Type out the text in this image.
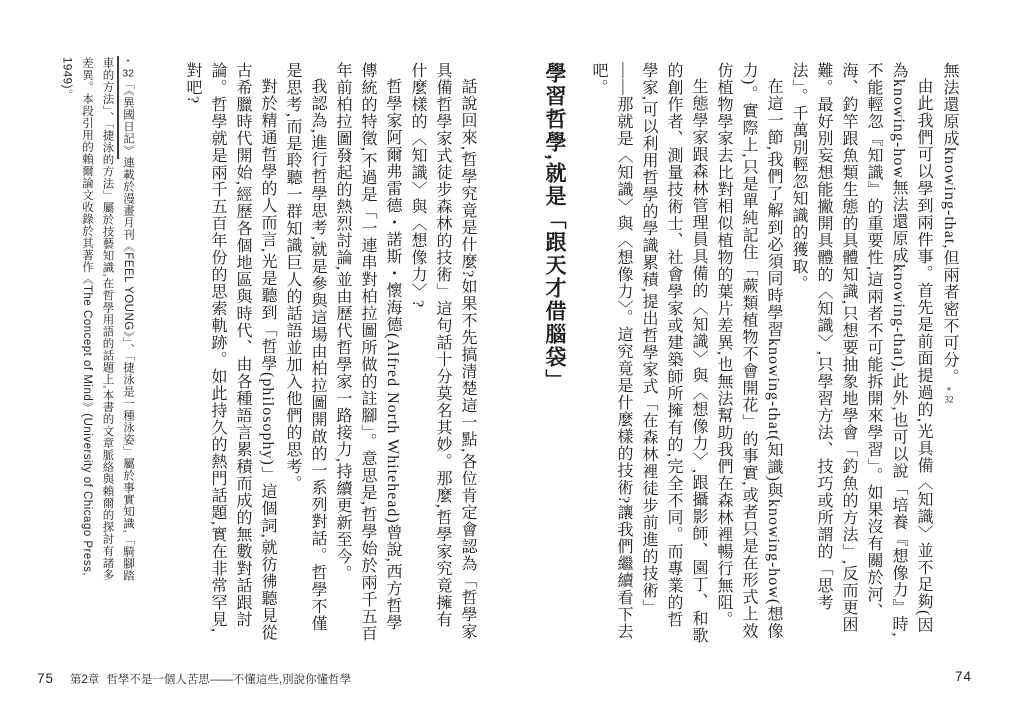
無法還原成knowing-that,但兩者密不可分。*32

由此我們可以學到兩件事。首先是前面提過的,光具備〈知識〉並不足夠(因為knowing-how無法還原成knowing-that),此外,也可以說「培養『想像力』時,不能輕忽『知識』的重要性,這兩者不可能拆開來學習」。如果沒有關於河、海、釣竿跟魚類生態的具體知識,只想要抽象地學會「釣魚的方法」,反而更困難。最好別妄想能撇開具體的〈知識〉,只學習方法、技巧或所謂的「思考法」。千萬別輕忽知識的獲取。

在這一節,我們了解到必須同時學習knowing-that(知識)與knowing-how(想像力)。實際上,只是單純記住「蕨類植物不會開花」的事實,或者只是在形式上效仿植物學家去比對相似植物的葉片差異,也無法幫助我們在森林裡暢行無阻。

生態學家跟森林管理員具備的〈知識〉與〈想像力〉,跟攝影師、園丁、和歌的創作者、測量技術士、社會學家或建築師所擁有的,完全不同。而專業的哲學家,可以利用哲學的學識累積,提出哲學家式「在森林裡徒步前進的技術」——那就是〈知識〉與〈想像力〉。這究竟是什麼樣的技術?讓我們繼續看下去吧。

學習哲學,就是「跟天才借腦袋」

話說回來,哲學究竟是什麼?如果不先搞清楚這一點,各位肯定會認為「哲學家具備哲學家式徒步森林的技術」這句話十分莫名其妙。那麼,哲學家究竟擁有什麼樣的〈知識〉與〈想像力〉?

哲學家阿爾弗雷德・諾斯・懷海德(Alfred North Whitehead)曾說,西方哲學傳統的特徵,不過是「一連串對柏拉圖所做的註腳」。意思是,哲學始於兩千五百年前柏拉圖發起的熱烈討論,並由歷代哲學家一路接力,持續更新至今。

我認為,進行哲學思考,就是參與這場由柏拉圖開啟的一系列對話。哲學不僅是思考,而是聆聽一群知識巨人的話語並加入他們的思考。

對於精通哲學的人而言,光是聽到「哲學(philosophy)」這個詞,就彷彿聽見從古希臘時代開始,經歷各個地區與時代、由各種語言累積而成的無數對話跟討論。哲學就是兩千五百年份的思索軌跡。如此持久的熱門話題,實在非常罕見,對吧?

*32「《異國日記》連載於漫畫月刊《FEEL YOUNG》」、「捷泳是一種泳姿」屬於事實知識,「騎腳踏車的方法」、「捷泳的方法」屬於技藝知識,在哲學用語的話題上,本書的文章脈絡與賴爾的探討有諸多差異。本段引用的賴爾論文收錄於其著作《The Concept of Mind》(University of Chicago Press, 1949)。
75 第2章 哲學不是一個人苦思——不懂這些,別說你懂哲學	74
